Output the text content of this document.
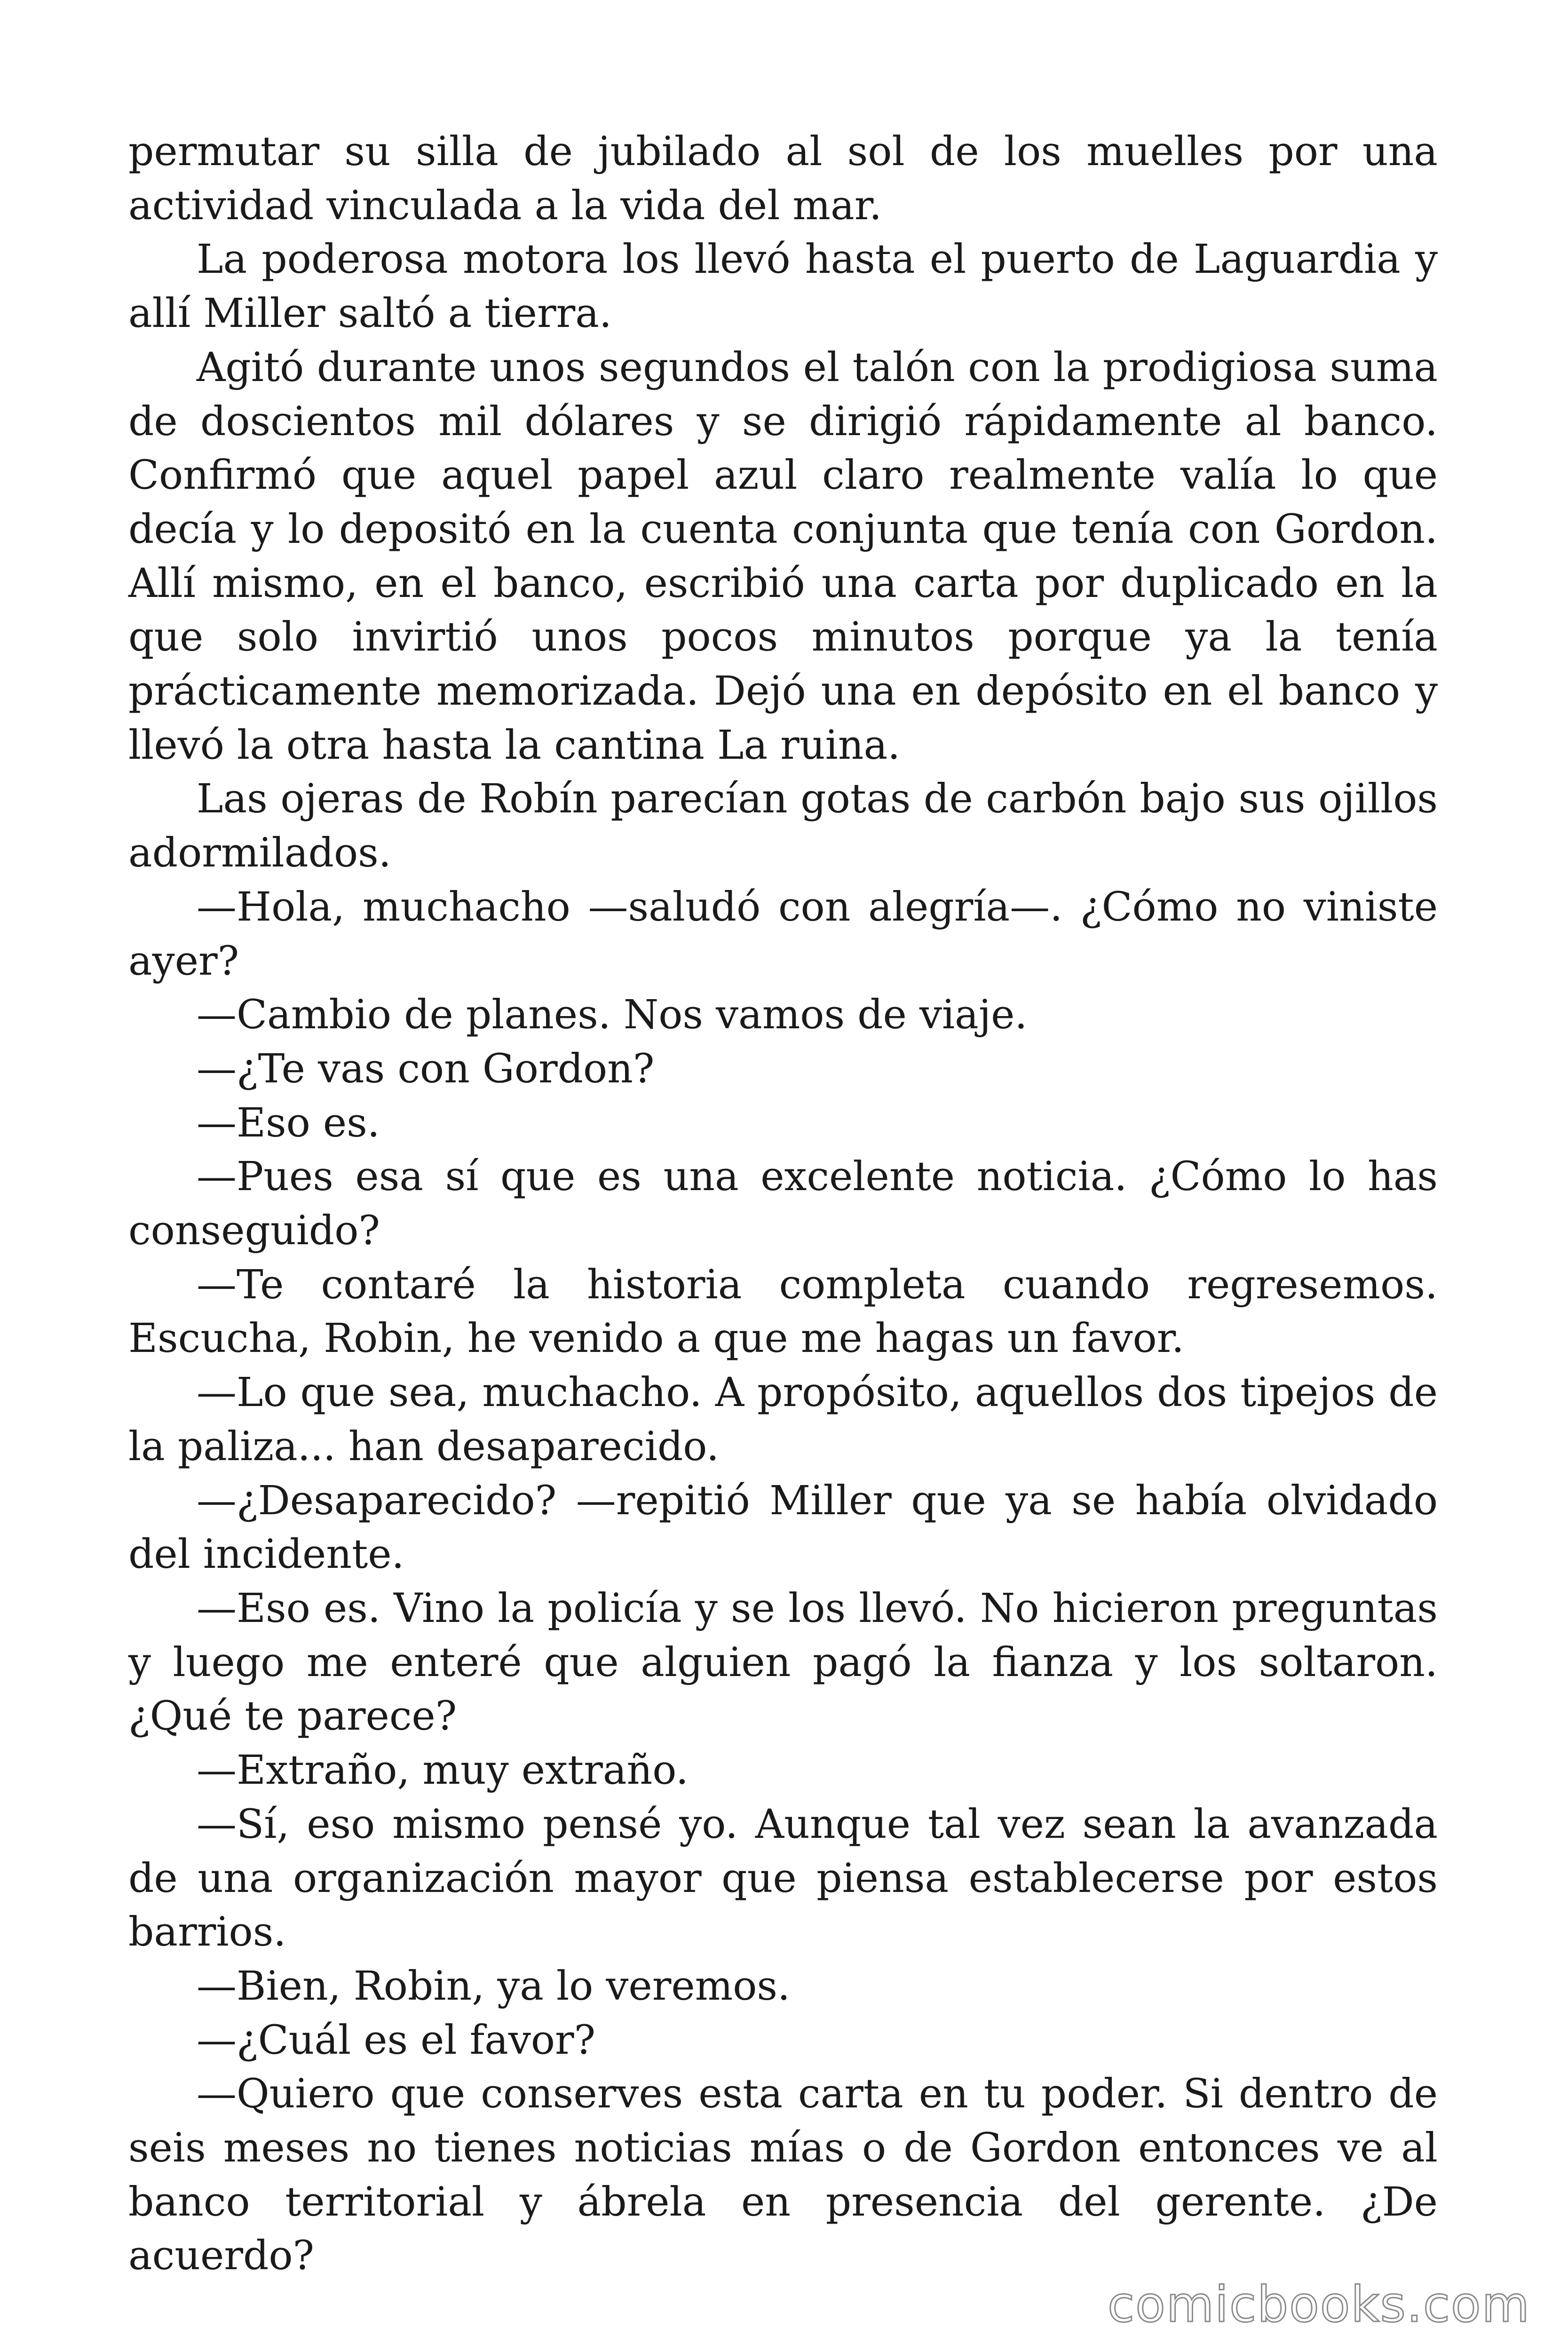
permutar su silla de jubilado al sol de los muelles por una actividad vinculada a la vida del mar.

La poderosa motora los llevó hasta el puerto de Laguardia y allí Miller saltó a tierra.

Agitó durante unos segundos el talón con la prodigiosa suma de doscientos mil dólares y se dirigió rápidamente al banco. Confirmó que aquel papel azul claro realmente valía lo que decía y lo depositó en la cuenta conjunta que tenía con Gordon. Allí mismo, en el banco, escribió una carta por duplicado en la que solo invirtió unos pocos minutos porque ya la tenía prácticamente memorizada. Dejó una en depósito en el banco y llevó la otra hasta la cantina La ruina.

Las ojeras de Robín parecían gotas de carbón bajo sus ojillos adormilados.

—Hola, muchacho —saludó con alegría—. ¿Cómo no viniste ayer?

—Cambio de planes. Nos vamos de viaje.

—¿Te vas con Gordon?

—Eso es.

—Pues esa sí que es una excelente noticia. ¿Cómo lo has conseguido?

—Te contaré la historia completa cuando regresemos. Escucha, Robin, he venido a que me hagas un favor.

—Lo que sea, muchacho. A propósito, aquellos dos tipejos de la paliza... han desaparecido.

—¿Desaparecido? —repitió Miller que ya se había olvidado del incidente.

—Eso es. Vino la policía y se los llevó. No hicieron preguntas y luego me enteré que alguien pagó la fianza y los soltaron. ¿Qué te parece?

—Extraño, muy extraño.

—Sí, eso mismo pensé yo. Aunque tal vez sean la avanzada de una organización mayor que piensa establecerse por estos barrios.

—Bien, Robin, ya lo veremos.

—¿Cuál es el favor?

—Quiero que conserves esta carta en tu poder. Si dentro de seis meses no tienes noticias mías o de Gordon entonces ve al banco territorial y ábrela en presencia del gerente. ¿De acuerdo?

comicbooks.com
